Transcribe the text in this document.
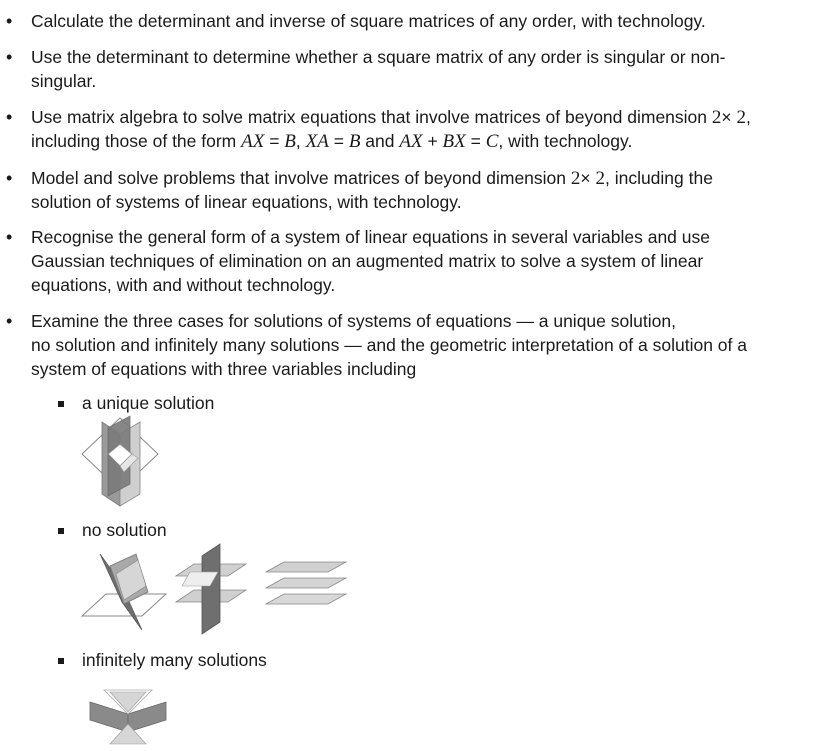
• Calculate the determinant and inverse of square matrices of any order, with technology.
• Use the determinant to determine whether a square matrix of any order is singular or non-
singular.
• Use matrix algebra to solve matrix equations that involve matrices of beyond dimension 2× 2,
including those of the form AX = B, XA = B and AX + BX = C, with technology.
• Model and solve problems that involve matrices of beyond dimension 2× 2, including the
solution of systems of linear equations, with technology.
• Recognise the general form of a system of linear equations in several variables and use
Gaussian techniques of elimination on an augmented matrix to solve a system of linear
equations, with and without technology.
• Examine the three cases for solutions of systems of equations — a unique solution,
no solution and infinitely many solutions — and the geometric interpretation of a solution of a
system of equations with three variables including
a unique solution
no solution
infinitely many solutions
